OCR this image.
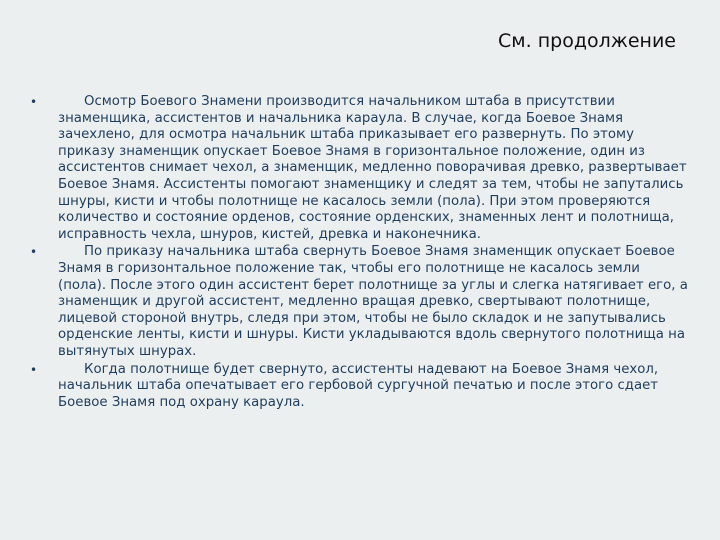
См. продолжение
•	Осмотр Боевого Знамени производится начальником штаба в присутствии знаменщика, ассистентов и начальника караула. В случае, когда Боевое Знамя зачехлено, для осмотра начальник штаба приказывает его развернуть. По этому приказу знаменщик опускает Боевое Знамя в горизонтальное положение, один из ассистентов снимает чехол, а знаменщик, медленно поворачивая древко, развертывает Боевое Знамя. Ассистенты помогают знаменщику и следят за тем, чтобы не запутались шнуры, кисти и чтобы полотнище не касалось земли (пола). При этом проверяются количество и состояние орденов, состояние орденских, знаменных лент и полотнища, исправность чехла, шнуров, кистей, древка и наконечника.
•	По приказу начальника штаба свернуть Боевое Знамя знаменщик опускает Боевое Знамя в горизонтальное положение так, чтобы его полотнище не касалось земли (пола). После этого один ассистент берет полотнище за углы и слегка натягивает его, а знаменщик и другой ассистент, медленно вращая древко, свертывают полотнище, лицевой стороной внутрь, следя при этом, чтобы не было складок и не запутывались орденские ленты, кисти и шнуры. Кисти укладываются вдоль свернутого полотнища на вытянутых шнурах.
•	Когда полотнище будет свернуто, ассистенты надевают на Боевое Знамя чехол, начальник штаба опечатывает его гербовой сургучной печатью и после этого сдает Боевое Знамя под охрану караула.
